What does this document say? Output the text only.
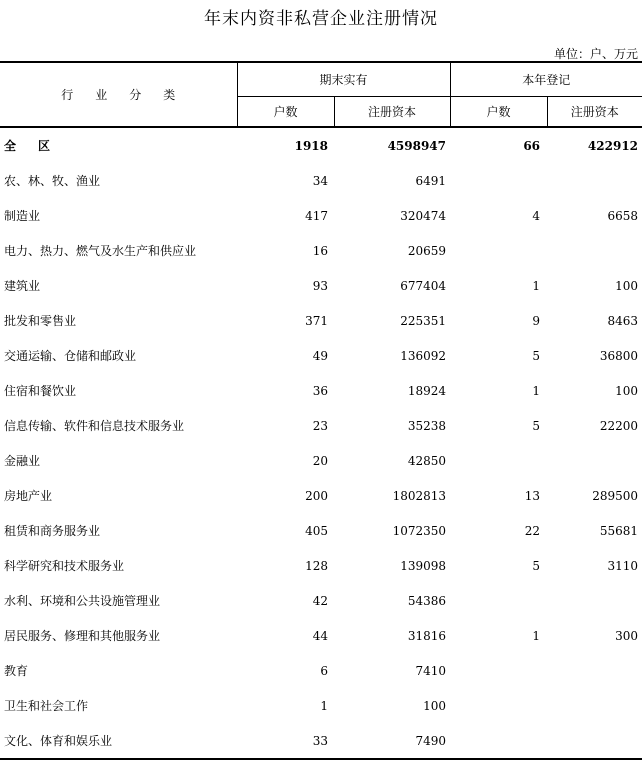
年末内资非私营企业注册情况
单位：户、万元
行业分类	期末实有		本年登记	
	户数	注册资本	户数	注册资本
全区	1918	4598947	66	422912
农、林、牧、渔业	34	6491		
制造业	417	320474	4	6658
电力、热力、燃气及水生产和供应业	16	20659		
建筑业	93	677404	1	100
批发和零售业	371	225351	9	8463
交通运输、仓储和邮政业	49	136092	5	36800
住宿和餐饮业	36	18924	1	100
信息传输、软件和信息技术服务业	23	35238	5	22200
金融业	20	42850		
房地产业	200	1802813	13	289500
租赁和商务服务业	405	1072350	22	55681
科学研究和技术服务业	128	139098	5	3110
水利、环境和公共设施管理业	42	54386		
居民服务、修理和其他服务业	44	31816	1	300
教育	6	7410		
卫生和社会工作	1	100		
文化、体育和娱乐业	33	7490		
